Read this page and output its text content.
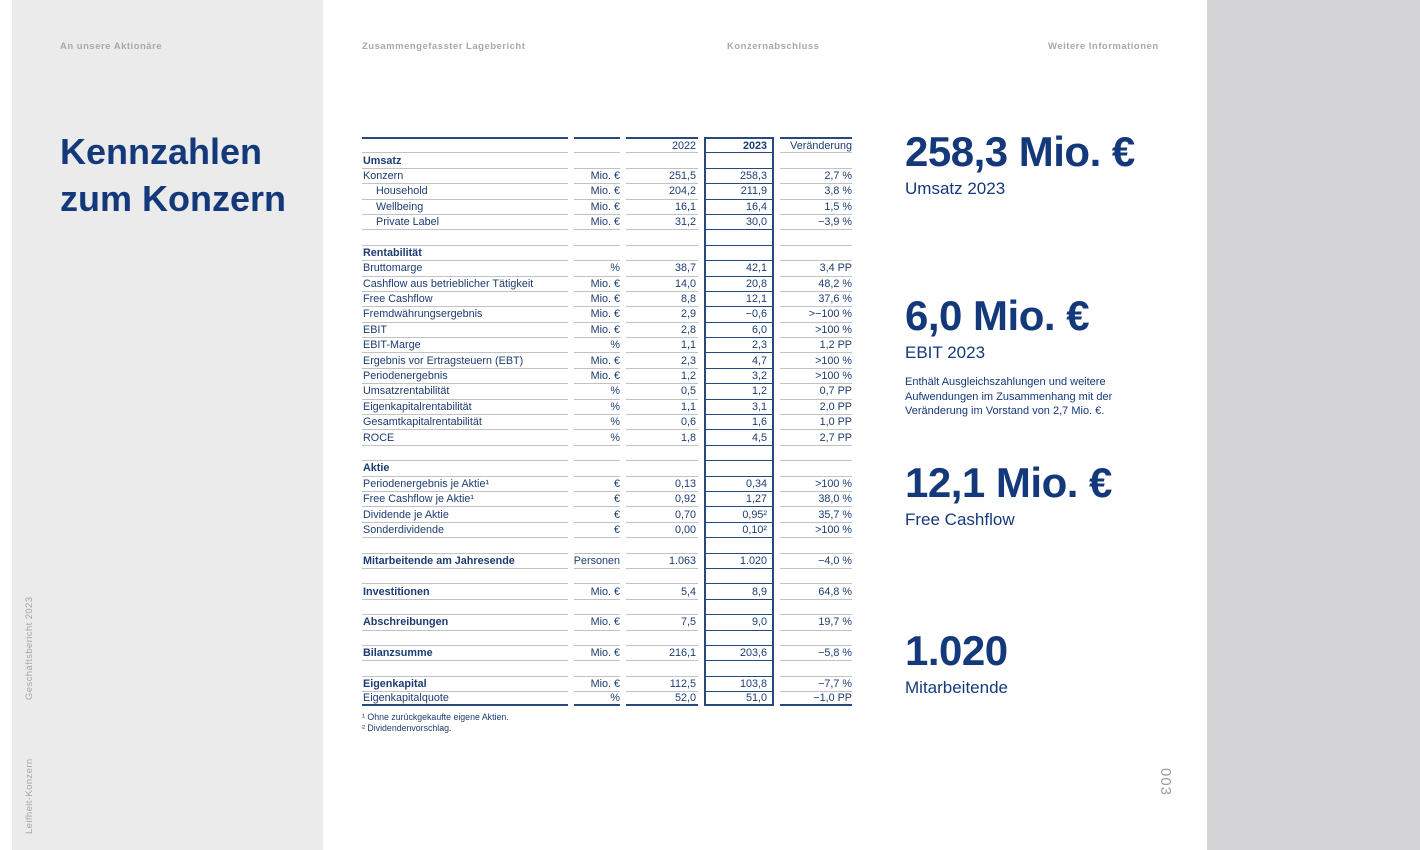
An unsere Aktionäre	Zusammengefasster Lagebericht	Konzernabschluss	Weitere Informationen
Kennzahlen zum Konzern
Geschäftsbericht 2023
Leifheit-Konzern	003
2022	2023	Veränderung
Umsatz
Konzern	Mio. €	251,5	258,3	2,7 %
Household	Mio. €	204,2	211,9	3,8 %
Wellbeing	Mio. €	16,1	16,4	1,5 %
Private Label	Mio. €	31,2	30,0	−3,9 %
Rentabilität
Bruttomarge	%	38,7	42,1	3,4 PP
Cashflow aus betrieblicher Tätigkeit	Mio. €	14,0	20,8	48,2 %
Free Cashflow	Mio. €	8,8	12,1	37,6 %
Fremdwährungsergebnis	Mio. €	2,9	−0,6	>−100 %
EBIT	Mio. €	2,8	6,0	>100 %
EBIT-Marge	%	1,1	2,3	1,2 PP
Ergebnis vor Ertragsteuern (EBT)	Mio. €	2,3	4,7	>100 %
Periodenergebnis	Mio. €	1,2	3,2	>100 %
Umsatzrentabilität	%	0,5	1,2	0,7 PP
Eigenkapitalrentabilität	%	1,1	3,1	2,0 PP
Gesamtkapitalrentabilität	%	0,6	1,6	1,0 PP
ROCE	%	1,8	4,5	2,7 PP
Aktie
Periodenergebnis je Aktie¹	€	0,13	0,34	>100 %
Free Cashflow je Aktie¹	€	0,92	1,27	38,0 %
Dividende je Aktie	€	0,70	0,95²	35,7 %
Sonderdividende	€	0,00	0,10²	>100 %
Mitarbeitende am Jahresende	Personen	1.063	1.020	−4,0 %
Investitionen	Mio. €	5,4	8,9	64,8 %
Abschreibungen	Mio. €	7,5	9,0	19,7 %
Bilanzsumme	Mio. €	216,1	203,6	−5,8 %
Eigenkapital	Mio. €	112,5	103,8	−7,7 %
Eigenkapitalquote	%	52,0	51,0	−1,0 PP
¹ Ohne zurückgekaufte eigene Aktien.
² Dividendenvorschlag.
258,3 Mio. €
Umsatz 2023
6,0 Mio. €
EBIT 2023
Enthält Ausgleichszahlungen und weitere Aufwendungen im Zusammenhang mit der Veränderung im Vorstand von 2,7 Mio. €.
12,1 Mio. €
Free Cashflow
1.020
Mitarbeitende
